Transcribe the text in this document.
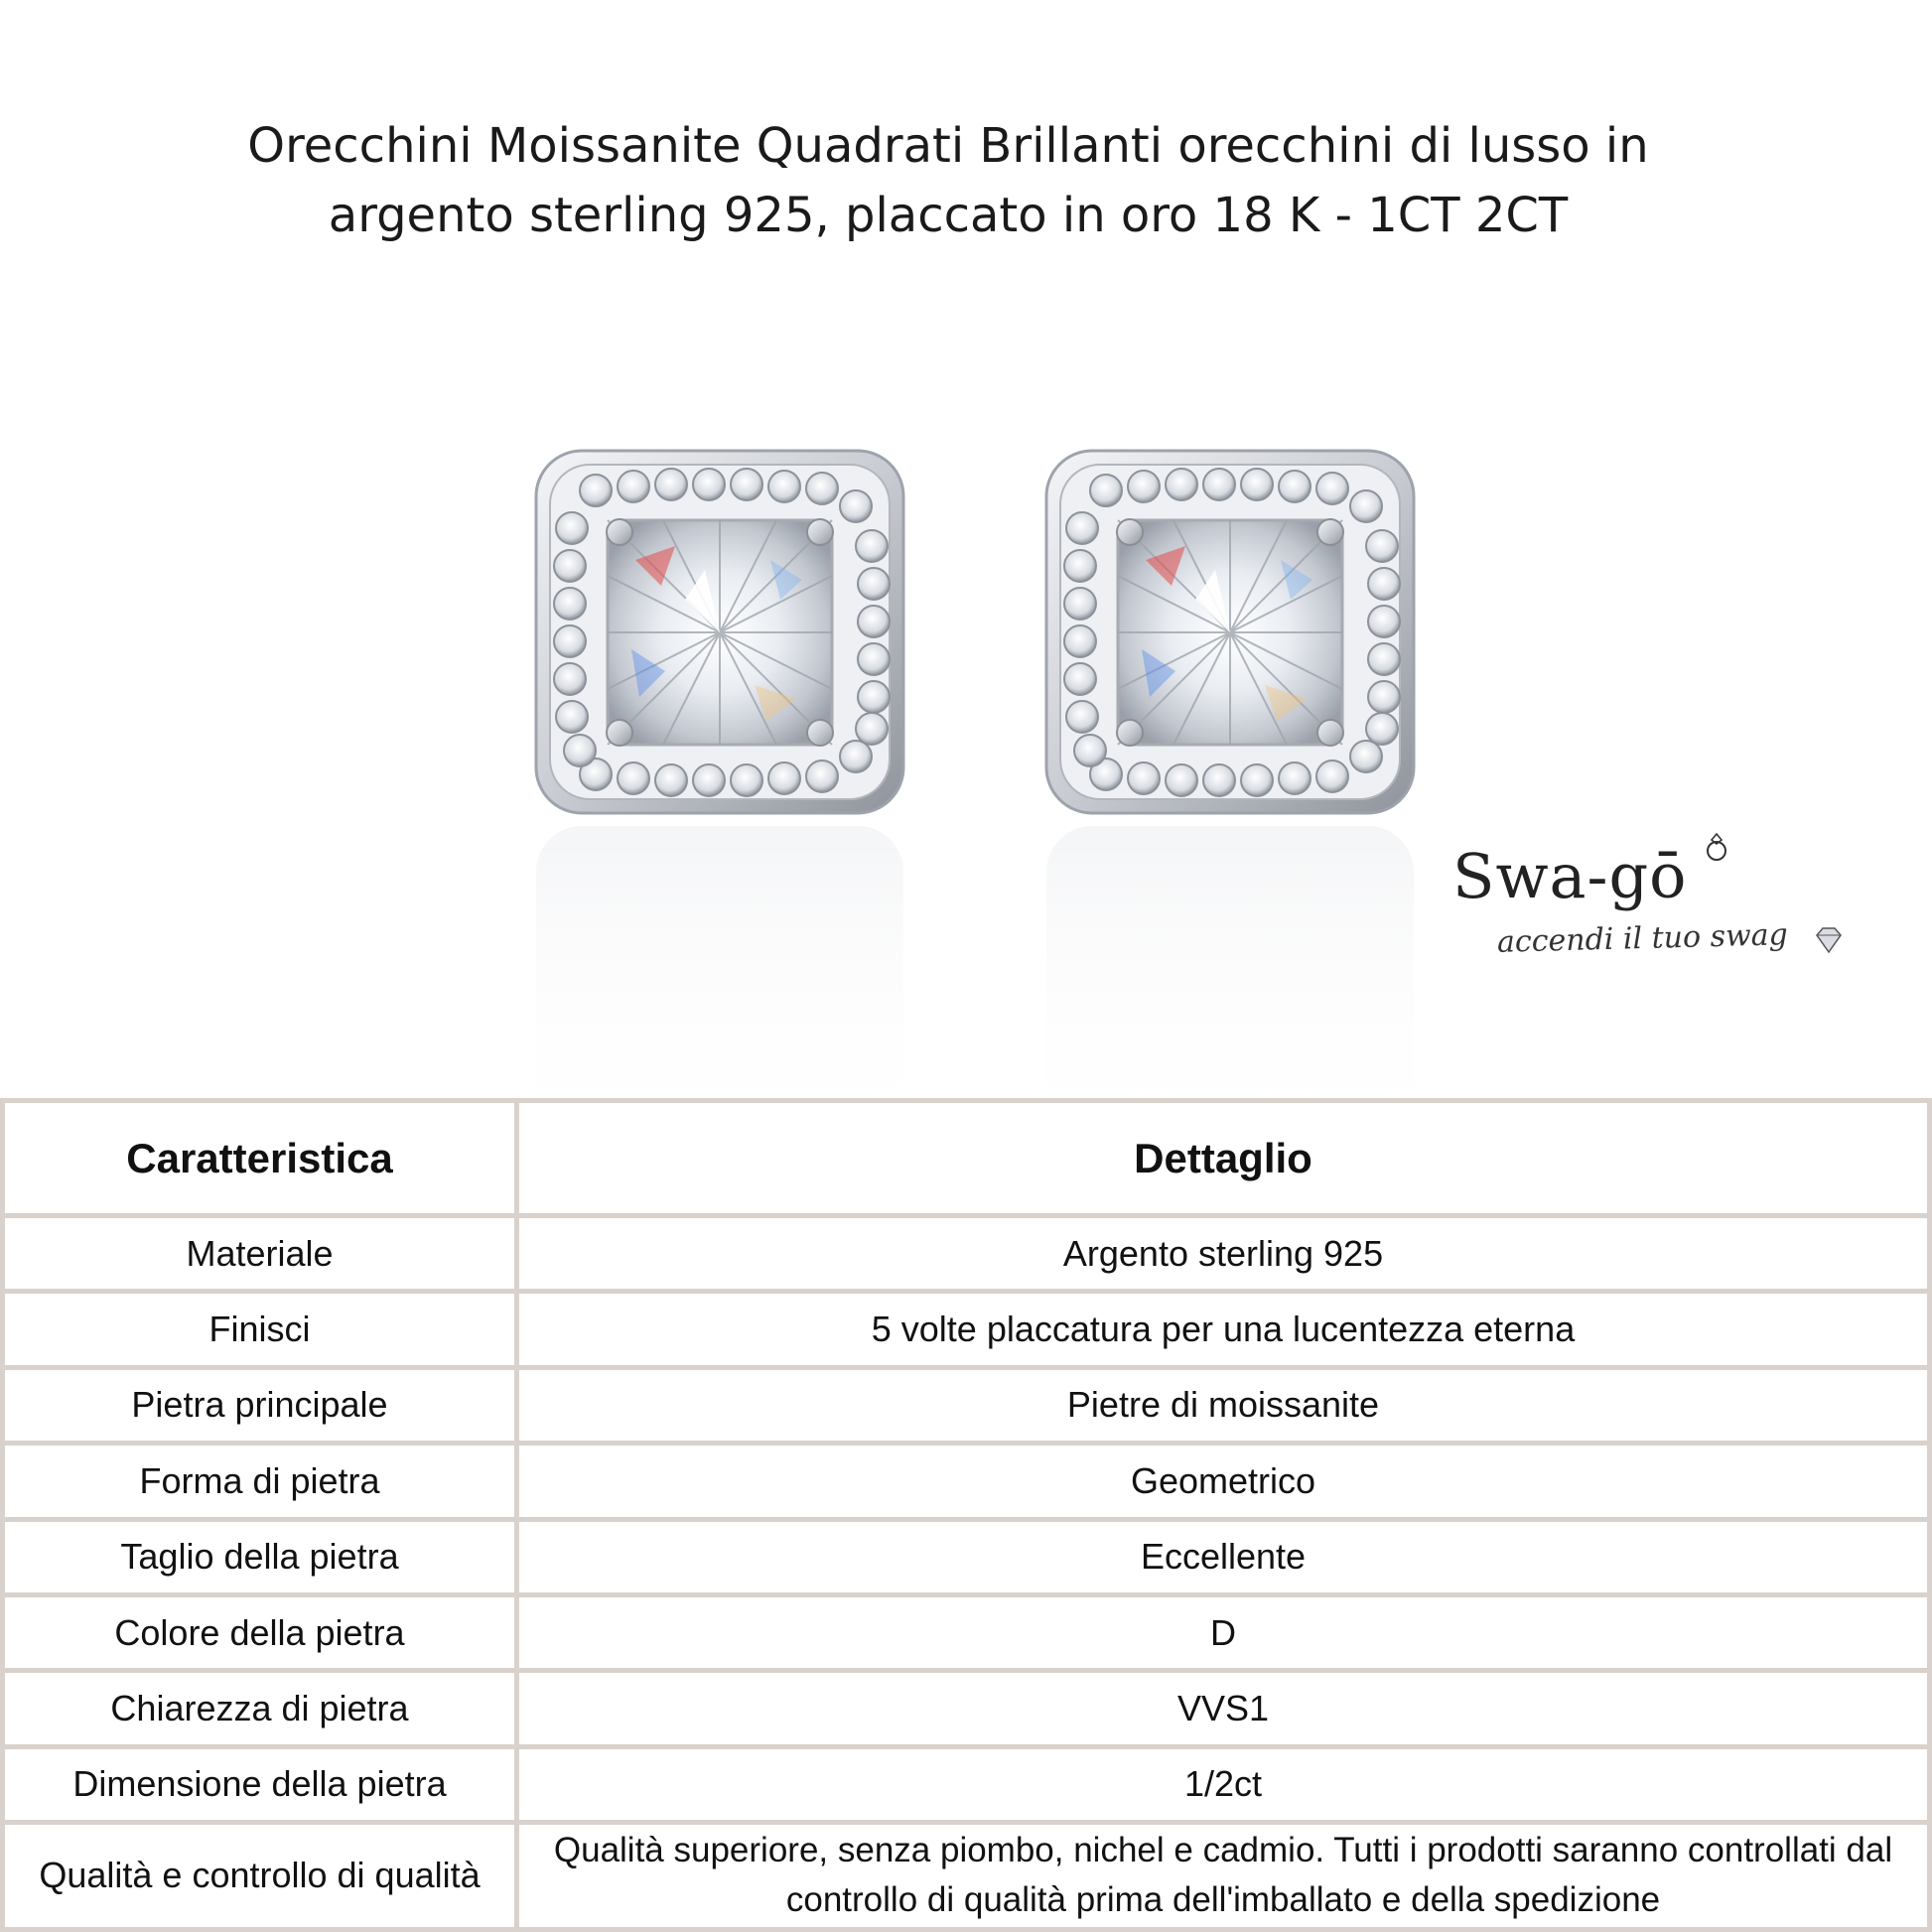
Orecchini Moissanite Quadrati Brillanti orecchini di lusso in
argento sterling 925, placcato in oro 18 K - 1CT 2CT

Swa-gō

accendi il tuo swag

Caratteristica	Dettaglio
Materiale	Argento sterling 925
Finisci	5 volte placcatura per una lucentezza eterna
Pietra principale	Pietre di moissanite
Forma di pietra	Geometrico
Taglio della pietra	Eccellente
Colore della pietra	D
Chiarezza di pietra	VVS1
Dimensione della pietra	1/2ct
Qualità e controllo di qualità	Qualità superiore, senza piombo, nichel e cadmio. Tutti i prodotti saranno controllati dal controllo di qualità prima dell'imballato e della spedizione
